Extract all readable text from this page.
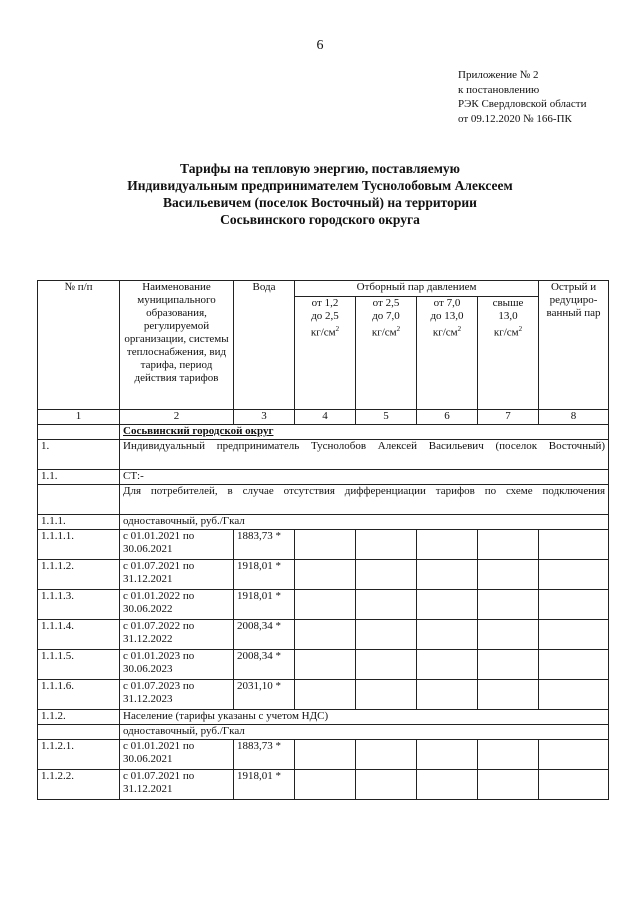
6
Приложение № 2
к постановлению
РЭК Свердловской области
от 09.12.2020 № 166-ПК
Тарифы на тепловую энергию, поставляемую
Индивидуальным предпринимателем Туснолобовым Алексеем
Васильевичем (поселок Восточный) на территории
Сосьвинского городского округа
№ п/п	Наименование муниципального образования, регулируемой организации, системы теплоснабжения, вид тарифа, период действия тарифов	Вода	Отборный пар давлением				Острый и редуциро-ванный пар
			от 1,2
до 2,5
$кг/см^2$	от 2,5
до 7,0
$кг/см^2$	от 7,0
до 13,0
$кг/см^2$	свыше
13,0
$кг/см^2$
1	2	3	4	5	6	7	8
	Сосьвинский городской округ						
1.	Индивидуальный предприниматель Туснолобов Алексей Васильевич (поселок Восточный)						
1.1.	СТ:-						
	Для потребителей, в случае отсутствия дифференциации тарифов по схеме подключения						
1.1.1.	одноставочный, руб./Гкал						
1.1.1.1.	с 01.01.2021 по
30.06.2021	1883,73 *					
1.1.1.2.	с 01.07.2021 по
31.12.2021	1918,01 *					
1.1.1.3.	с 01.01.2022 по
30.06.2022	1918,01 *					
1.1.1.4.	с 01.07.2022 по
31.12.2022	2008,34 *					
1.1.1.5.	с 01.01.2023 по
30.06.2023	2008,34 *					
1.1.1.6.	с 01.07.2023 по
31.12.2023	2031,10 *					
1.1.2.	Население (тарифы указаны с учетом НДС)						
	одноставочный, руб./Гкал						
1.1.2.1.	с 01.01.2021 по
30.06.2021	1883,73 *					
1.1.2.2.	с 01.07.2021 по
31.12.2021	1918,01 *					
